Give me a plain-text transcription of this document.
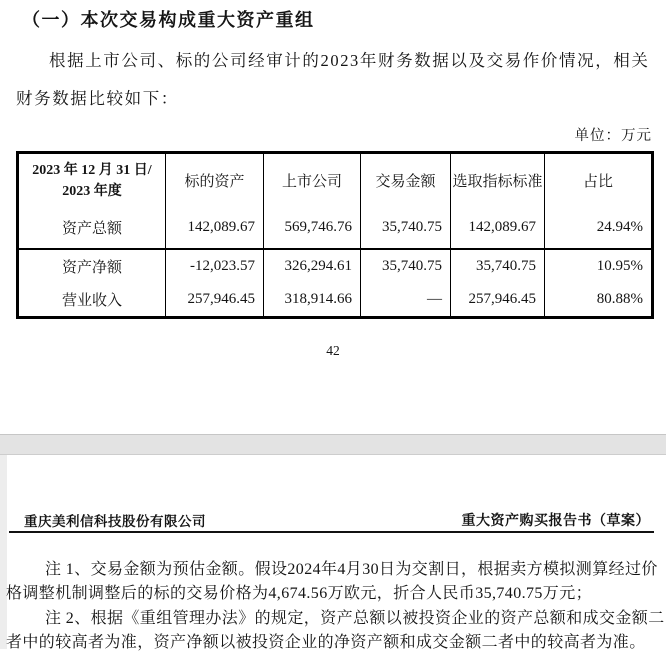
（一）本次交易构成重大资产重组
根据上市公司、标的公司经审计的2023年财务数据以及交易作价情况，相关
财务数据比较如下：
单位：万元
2023 年 12 月 31 日/
2023 年度	标的资产	上市公司	交易金额	选取指标标准	占比
资产总额	142,089.67	569,746.76	35,740.75	142,089.67	24.94%
资产净额	-12,023.57	326,294.61	35,740.75	35,740.75	10.95%
营业收入	257,946.45	318,914.66	—	257,946.45	80.88%
42
重庆美利信科技股份有限公司	重大资产购买报告书（草案）
注 1、交易金额为预估金额。假设2024年4月30日为交割日，根据卖方模拟测算经过价
格调整机制调整后的标的交易价格为4,674.56万欧元，折合人民币35,740.75万元；
注 2、根据《重组管理办法》的规定，资产总额以被投资企业的资产总额和成交金额二
者中的较高者为准，资产净额以被投资企业的净资产额和成交金额二者中的较高者为准。
